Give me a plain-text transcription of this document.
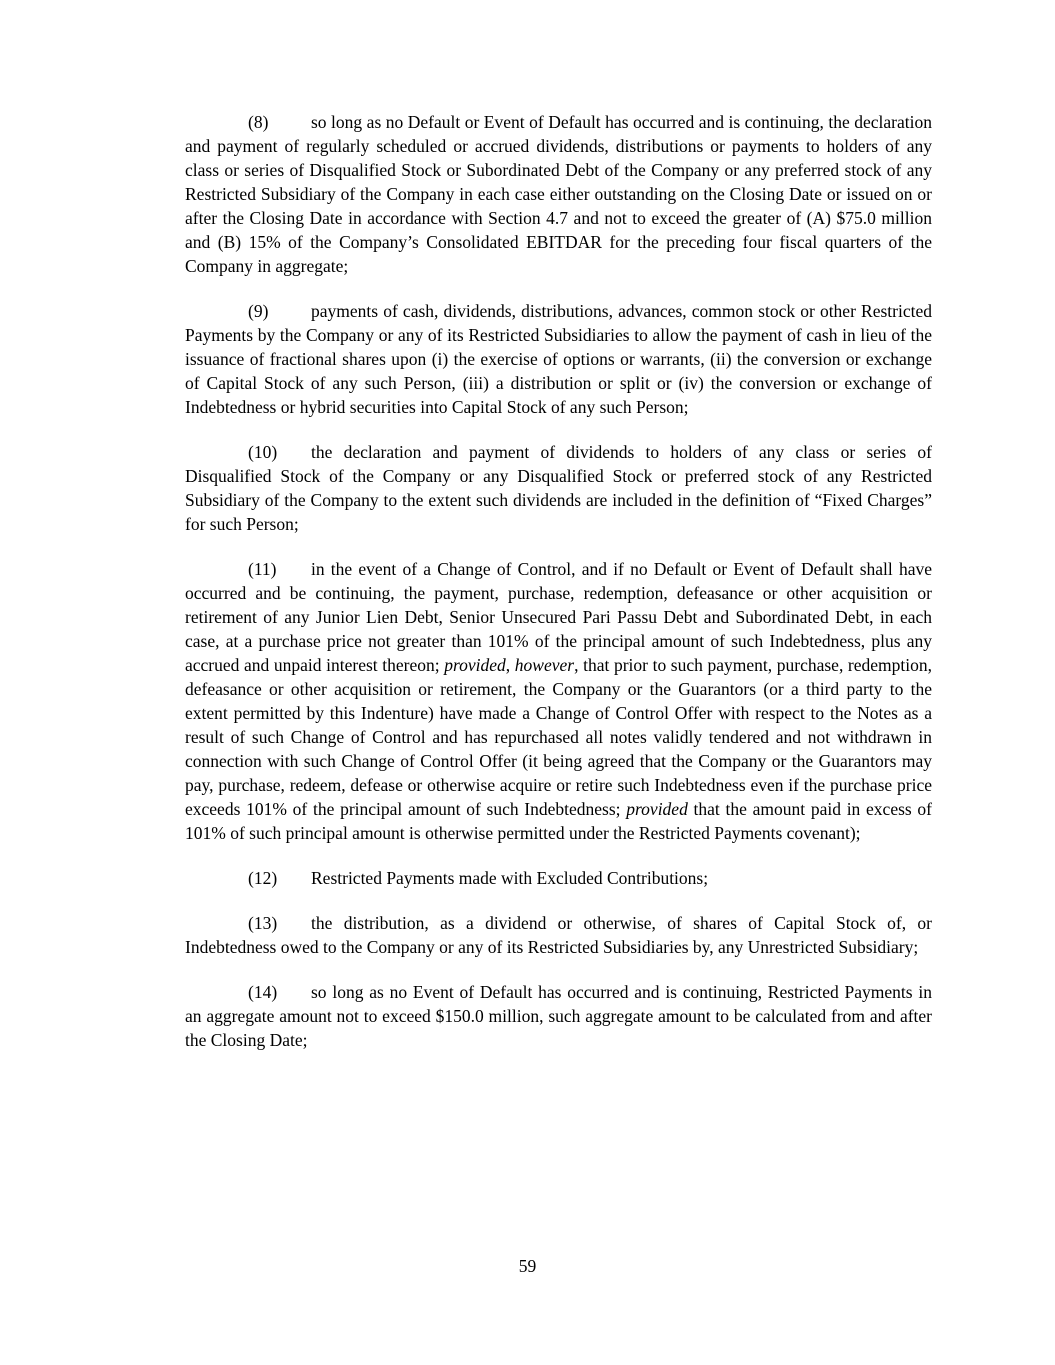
(8) so long as no Default or Event of Default has occurred and is continuing, the declaration and payment of regularly scheduled or accrued dividends, distributions or payments to holders of any class or series of Disqualified Stock or Subordinated Debt of the Company or any preferred stock of any Restricted Subsidiary of the Company in each case either outstanding on the Closing Date or issued on or after the Closing Date in accordance with Section 4.7 and not to exceed the greater of (A) $75.0 million and (B) 15% of the Company’s Consolidated EBITDAR for the preceding four fiscal quarters of the Company in aggregate;

(9) payments of cash, dividends, distributions, advances, common stock or other Restricted Payments by the Company or any of its Restricted Subsidiaries to allow the payment of cash in lieu of the issuance of fractional shares upon (i) the exercise of options or warrants, (ii) the conversion or exchange of Capital Stock of any such Person, (iii) a distribution or split or (iv) the conversion or exchange of Indebtedness or hybrid securities into Capital Stock of any such Person;

(10) the declaration and payment of dividends to holders of any class or series of Disqualified Stock of the Company or any Disqualified Stock or preferred stock of any Restricted Subsidiary of the Company to the extent such dividends are included in the definition of “Fixed Charges” for such Person;

(11) in the event of a Change of Control, and if no Default or Event of Default shall have occurred and be continuing, the payment, purchase, redemption, defeasance or other acquisition or retirement of any Junior Lien Debt, Senior Unsecured Pari Passu Debt and Subordinated Debt, in each case, at a purchase price not greater than 101% of the principal amount of such Indebtedness, plus any accrued and unpaid interest thereon; provided, however, that prior to such payment, purchase, redemption, defeasance or other acquisition or retirement, the Company or the Guarantors (or a third party to the extent permitted by this Indenture) have made a Change of Control Offer with respect to the Notes as a result of such Change of Control and has repurchased all notes validly tendered and not withdrawn in connection with such Change of Control Offer (it being agreed that the Company or the Guarantors may pay, purchase, redeem, defease or otherwise acquire or retire such Indebtedness even if the purchase price exceeds 101% of the principal amount of such Indebtedness; provided that the amount paid in excess of 101% of such principal amount is otherwise permitted under the Restricted Payments covenant);

(12) Restricted Payments made with Excluded Contributions;

(13) the distribution, as a dividend or otherwise, of shares of Capital Stock of, or Indebtedness owed to the Company or any of its Restricted Subsidiaries by, any Unrestricted Subsidiary;

(14) so long as no Event of Default has occurred and is continuing, Restricted Payments in an aggregate amount not to exceed $150.0 million, such aggregate amount to be calculated from and after the Closing Date;

59
